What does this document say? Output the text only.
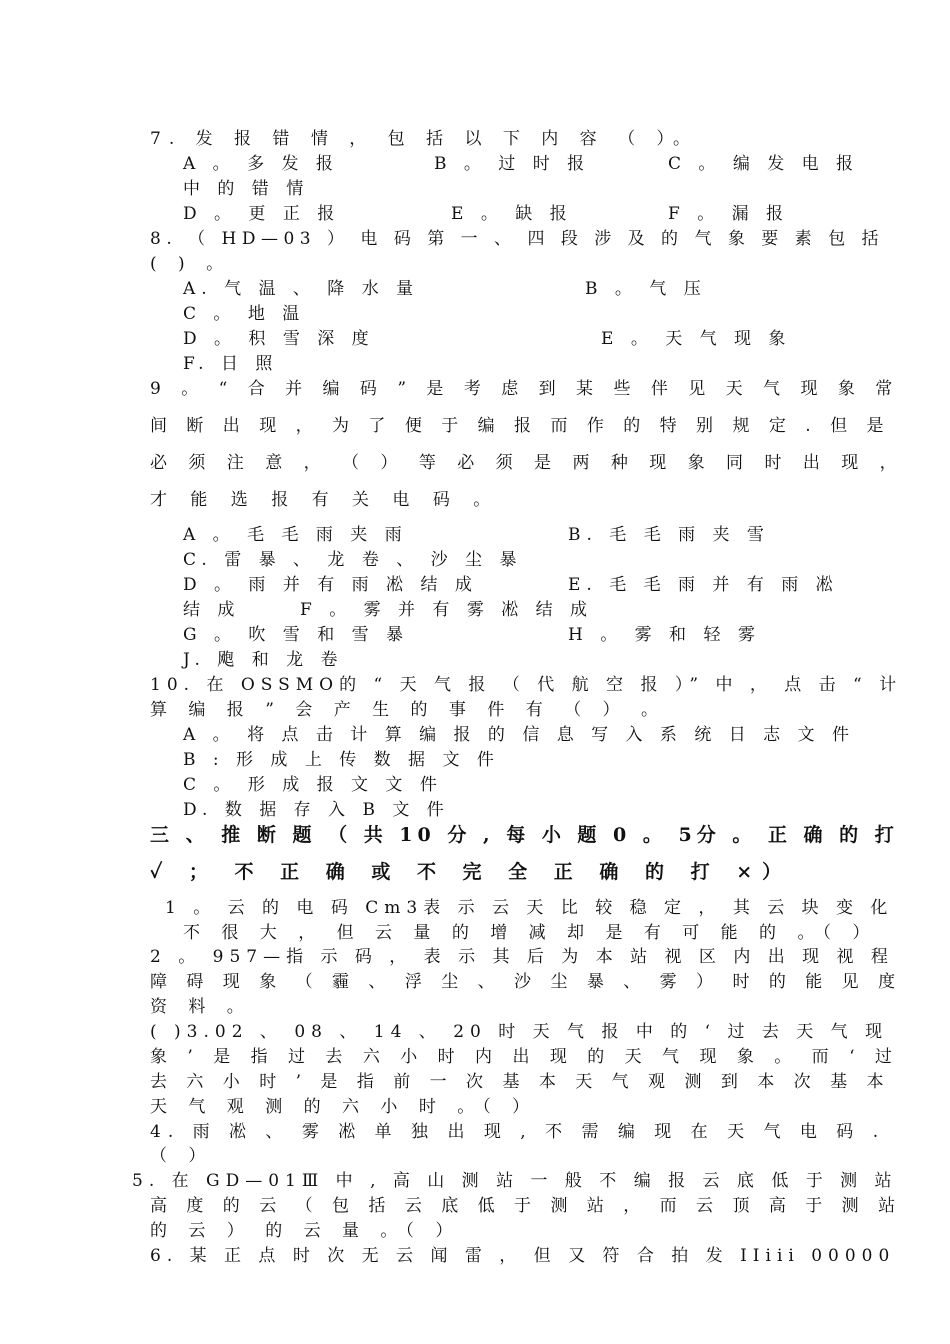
7. 发 报 错 情 ， 包 括 以 下 内 容 （ ）。
A 。 多 发 报	B 。 过 时 报	C 。 编 发 电 报
中 的 错 情
D 。 更 正 报	E 。 缺 报	F 。 漏 报
8. （ HD—03 ） 电 码 第 一 、 四 段 涉 及 的 气 象 要 素 包 括
( ) 。
A. 气 温 、 降 水 量	B 。 气 压
C 。 地 温
D 。 积 雪 深 度	E 。 天 气 现 象
F. 日 照
9 。 “ 合 并 编 码 ” 是 考 虑 到 某 些 伴 见 天 气 现 象 常
间 断 出 现 ， 为 了 便 于 编 报 而 作 的 特 别 规 定 . 但 是
必 须 注 意 ， （ ） 等 必 须 是 两 种 现 象 同 时 出 现 ，
才 能 选 报 有 关 电 码 。
A 。 毛 毛 雨 夹 雨	B. 毛 毛 雨 夹 雪
C. 雷 暴 、 龙 卷 、 沙 尘 暴
D 。 雨 并 有 雨 凇 结 成	E. 毛 毛 雨 并 有 雨 凇
结 成	F 。 雾 并 有 雾 凇 结 成
G 。 吹 雪 和 雪 暴	H 。 雾 和 轻 雾
J. 飑 和 龙 卷
10. 在 OSSMO的 “ 天 气 报 （ 代 航 空 报 ）” 中 ， 点 击 “ 计
算 编 报 ” 会 产 生 的 事 件 有 （ ） 。
A 。 将 点 击 计 算 编 报 的 信 息 写 入 系 统 日 志 文 件
B : 形 成 上 传 数 据 文 件
C 。 形 成 报 文 文 件
D. 数 据 存 入 B 文 件
三 、 推 断 题 （ 共 10 分 , 每 小 题 0 。 5分 。 正 确 的 打
✓ ； 不 正 确 或 不 完 全 正 确 的 打 ×）
1 。 云 的 电 码 Cm3表 示 云 天 比 较 稳 定 ， 其 云 块 变 化
不 很 大 ， 但 云 量 的 增 减 却 是 有 可 能 的 。（ ）
2 。 957—指 示 码 ， 表 示 其 后 为 本 站 视 区 内 出 现 视 程
障 碍 现 象 （ 霾 、 浮 尘 、 沙 尘 暴 、 雾 ） 时 的 能 见 度
资 料 。
( )3.02 、 08 、 14 、 20 时 天 气 报 中 的 ‘ 过 去 天 气 现
象 ’ 是 指 过 去 六 小 时 内 出 现 的 天 气 现 象 。 而 ‘ 过
去 六 小 时 ’ 是 指 前 一 次 基 本 天 气 观 测 到 本 次 基 本
天 气 观 测 的 六 小 时 。（ ）
4. 雨 凇 、 雾 凇 单 独 出 现 , 不 需 编 现 在 天 气 电 码 .
（ ）
5. 在 GD—01Ⅲ 中 , 高 山 测 站 一 般 不 编 报 云 底 低 于 测 站
高 度 的 云 （ 包 括 云 底 低 于 测 站 ， 而 云 顶 高 于 测 站
的 云 ） 的 云 量 。（ ）
6. 某 正 点 时 次 无 云 闻 雷 ， 但 又 符 合 拍 发 IIiii 00000
